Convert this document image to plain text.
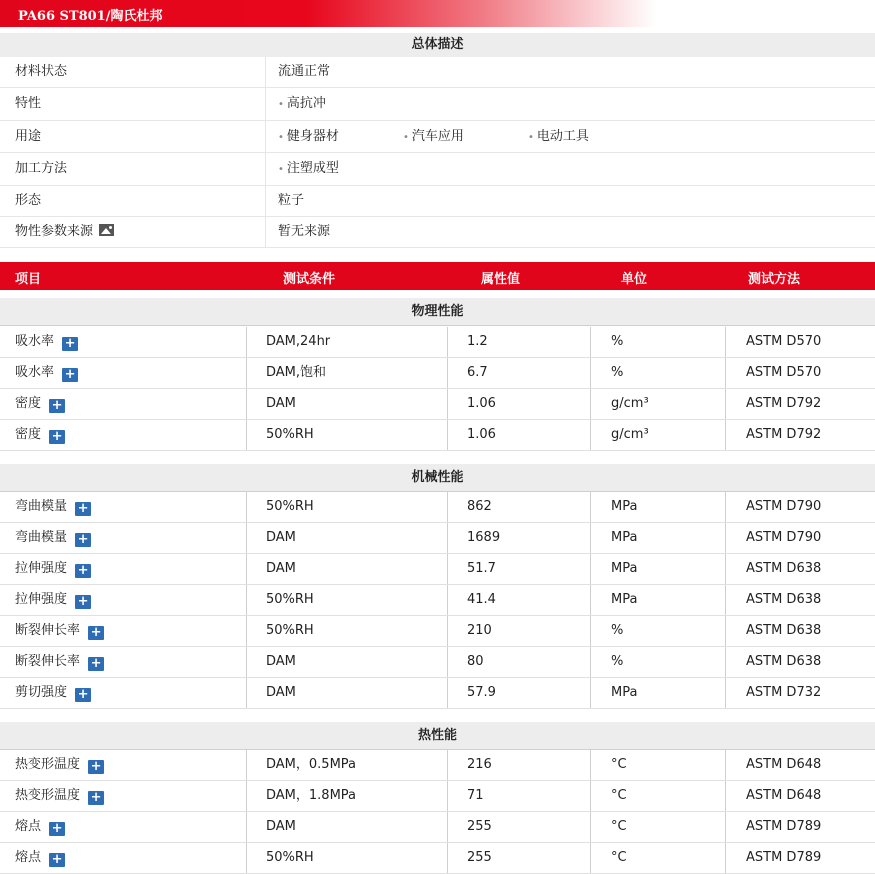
PA66 ST801/陶氏杜邦
总体描述
材料状态	流通正常
特性	• 高抗冲
用途	• 健身器材	• 汽车应用	• 电动工具
加工方法	• 注塑成型
形态	粒子
物性参数来源	暂无来源
项目	测试条件	属性值	单位	测试方法
物理性能
吸水率 +	DAM,24hr	1.2	%	ASTM D570
吸水率 +	DAM,饱和	6.7	%	ASTM D570
密度 +	DAM	1.06	g/cm³	ASTM D792
密度 +	50%RH	1.06	g/cm³	ASTM D792
机械性能
弯曲模量 +	50%RH	862	MPa	ASTM D790
弯曲模量 +	DAM	1689	MPa	ASTM D790
拉伸强度 +	DAM	51.7	MPa	ASTM D638
拉伸强度 +	50%RH	41.4	MPa	ASTM D638
断裂伸长率 +	50%RH	210	%	ASTM D638
断裂伸长率 +	DAM	80	%	ASTM D638
剪切强度 +	DAM	57.9	MPa	ASTM D732
热性能
热变形温度 +	DAM，0.5MPa	216	°C	ASTM D648
热变形温度 +	DAM，1.8MPa	71	°C	ASTM D648
熔点 +	DAM	255	°C	ASTM D789
熔点 +	50%RH	255	°C	ASTM D789
